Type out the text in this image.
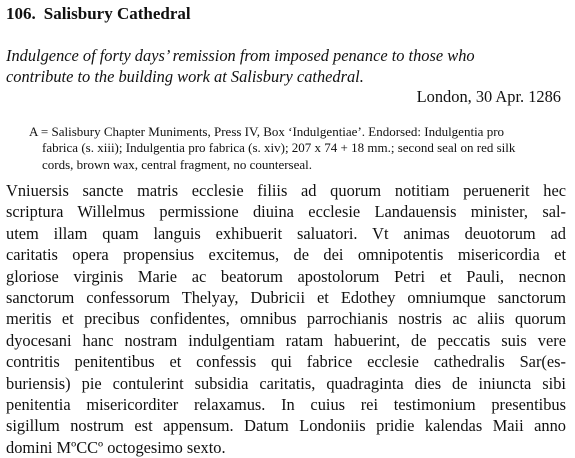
106. Salisbury Cathedral
Indulgence of forty days’ remission from imposed penance to those who
contribute to the building work at Salisbury cathedral.
London, 30 Apr. 1286
A = Salisbury Chapter Muniments, Press IV, Box ‘Indulgentiae’. Endorsed: Indulgentia pro
fabrica (s. xiii); Indulgentia pro fabrica (s. xiv); 207 x 74 + 18 mm.; second seal on red silk
cords, brown wax, central fragment, no counterseal.
Vniuersis sancte matris ecclesie filiis ad quorum notitiam peruenerit hec
scriptura Willelmus permissione diuina ecclesie Landauensis minister, sal-
utem illam quam languis exhibuerit saluatori. Vt animas deuotorum ad
caritatis opera propensius excitemus, de dei omnipotentis misericordia et
gloriose virginis Marie ac beatorum apostolorum Petri et Pauli, necnon
sanctorum confessorum Thelyay, Dubricii et Edothey omniumque sanctorum
meritis et precibus confidentes, omnibus parrochianis nostris ac aliis quorum
dyocesani hanc nostram indulgentiam ratam habuerint, de peccatis suis vere
contritis penitentibus et confessis qui fabrice ecclesie cathedralis Sar(es-
buriensis) pie contulerint subsidia caritatis, quadraginta dies de iniuncta sibi
penitentia misericorditer relaxamus. In cuius rei testimonium presentibus
sigillum nostrum est appensum. Datum Londoniis pridie kalendas Maii anno
domini MºCCº octogesimo sexto.
